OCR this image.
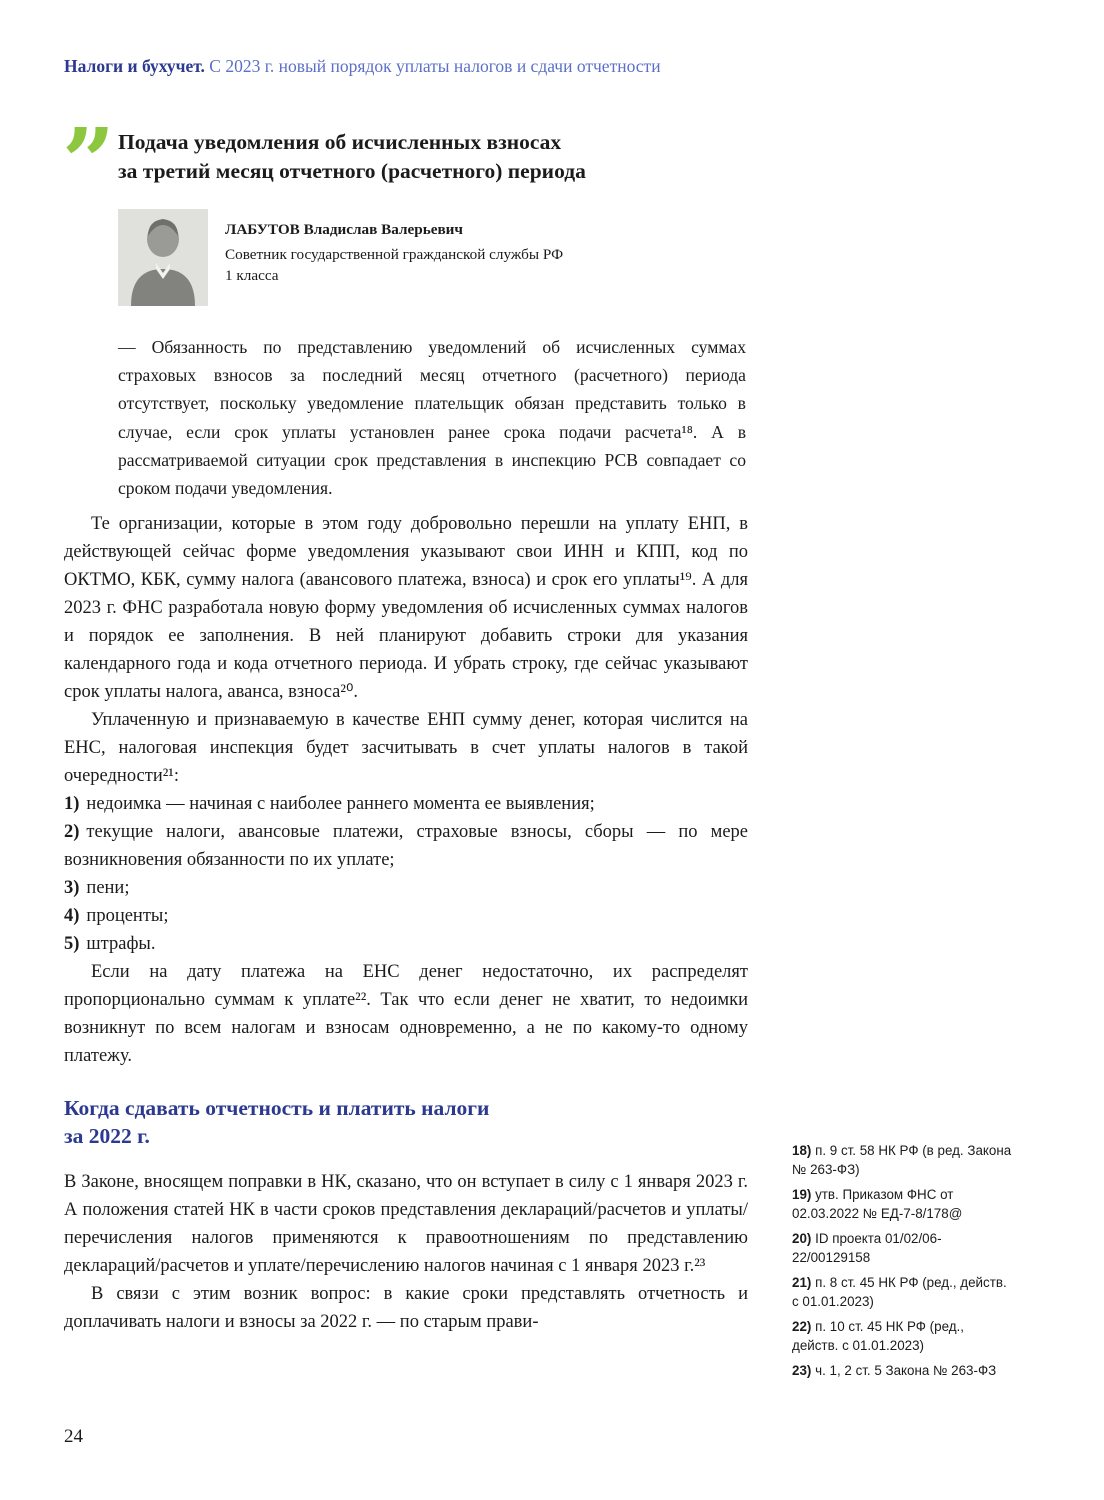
Налоги и бухучет. С 2023 г. новый порядок уплаты налогов и сдачи отчетности
” Подача уведомления об исчисленных взносах
за третий месяц отчетного (расчетного) периода
ЛАБУТОВ Владислав Валерьевич
Советник государственной гражданской службы РФ
1 класса
— Обязанность по представлению уведомлений об исчисленных суммах страховых взносов за последний месяц отчетного (расчетного) периода отсутствует, поскольку уведомление плательщик обязан представить только в случае, если срок уплаты установлен ранее срока подачи расчета¹⁸. А в рассматриваемой ситуации срок представления в инспекцию РСВ совпадает со сроком подачи уведомления.

Те организации, которые в этом году добровольно перешли на уплату ЕНП, в действующей сейчас форме уведомления указывают свои ИНН и КПП, код по ОКТМО, КБК, сумму налога (авансового платежа, взноса) и срок его уплаты¹⁹. А для 2023 г. ФНС разработала новую форму уведомления об исчисленных суммах налогов и порядок ее заполнения. В ней планируют добавить строки для указания календарного года и кода отчетного периода. И убрать строку, где сейчас указывают срок уплаты налога, аванса, взноса²⁰.

Уплаченную и признаваемую в качестве ЕНП сумму денег, которая числится на ЕНС, налоговая инспекция будет засчитывать в счет уплаты налогов в такой очередности²¹:

1) недоимка — начиная с наиболее раннего момента ее выявления;

2) текущие налоги, авансовые платежи, страховые взносы, сборы — по мере возникновения обязанности по их уплате;

3) пени;

4) проценты;

5) штрафы.

Если на дату платежа на ЕНС денег недостаточно, их распределят пропорционально суммам к уплате²². Так что если денег не хватит, то недоимки возникнут по всем налогам и взносам одновременно, а не по какому-то одному платежу.

Когда сдавать отчетность и платить налоги
за 2022 г.

В Законе, вносящем поправки в НК, сказано, что он вступает в силу с 1 января 2023 г. А положения статей НК в части сроков представления деклараций/расчетов и уплаты/перечисления налогов применяются к правоотношениям по представлению деклараций/расчетов и уплате/перечислению налогов начиная с 1 января 2023 г.²³

В связи с этим возник вопрос: в какие сроки представлять отчетность и доплачивать налоги и взносы за 2022 г. — по старым прави-

18) п. 9 ст. 58 НК РФ (в ред. Закона № 263-ФЗ)
19) утв. Приказом ФНС от 02.03.2022 № ЕД-7-8/178@
20) ID проекта 01/02/06-22/00129158
21) п. 8 ст. 45 НК РФ (ред., действ. с 01.01.2023)
22) п. 10 ст. 45 НК РФ (ред., действ. с 01.01.2023)
23) ч. 1, 2 ст. 5 Закона № 263-ФЗ
24
